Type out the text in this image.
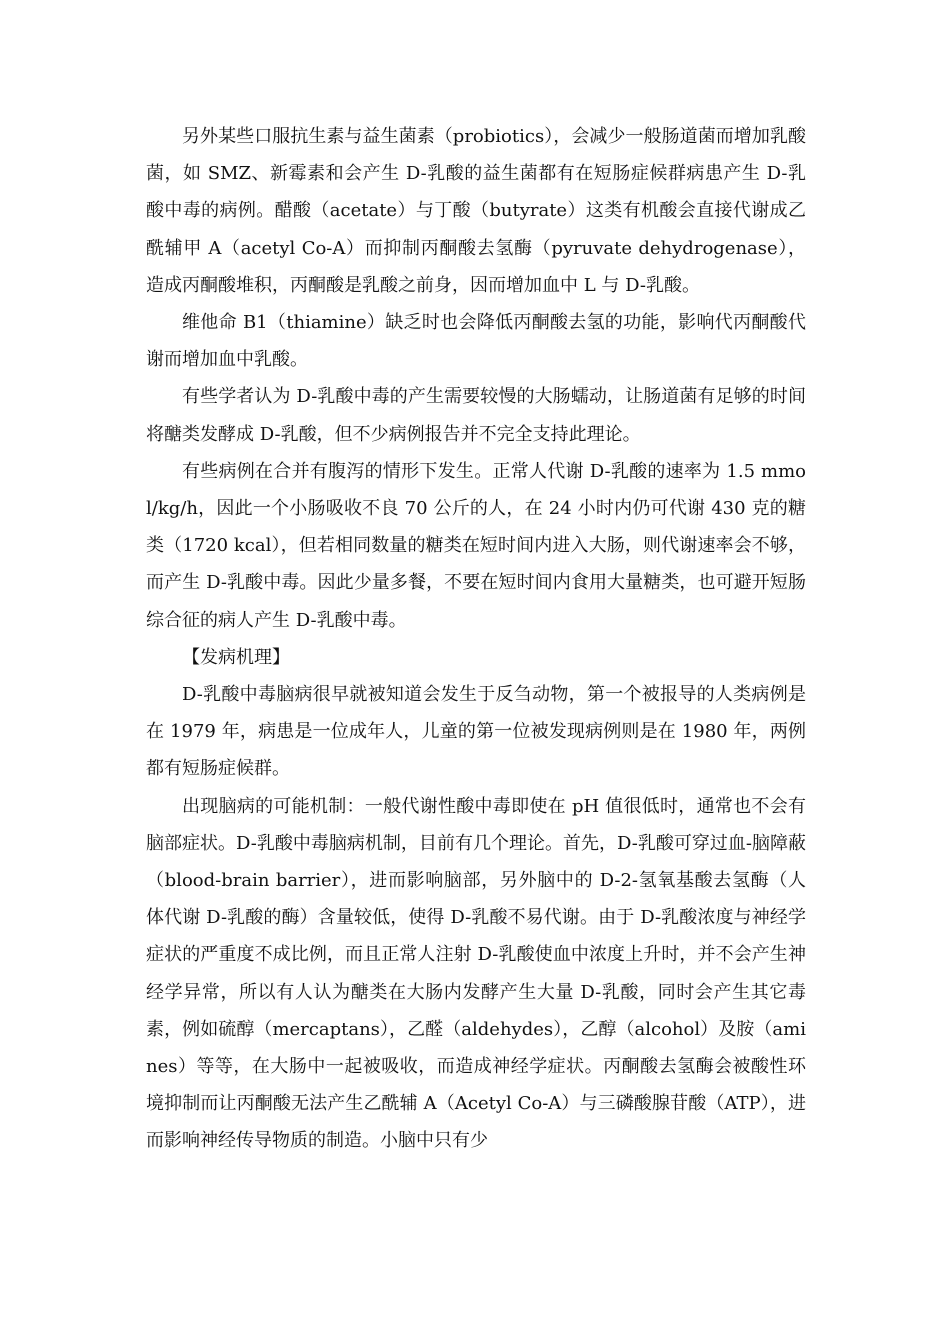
另外某些口服抗生素与益生菌素（probiotics），会减少一般肠道菌而增加乳酸菌，如 SMZ、新霉素和会产生 D-乳酸的益生菌都有在短肠症候群病患产生 D-乳酸中毒的病例。醋酸（acetate）与丁酸（butyrate）这类有机酸会直接代谢成乙酰辅甲 A（acetyl Co-A）而抑制丙酮酸去氢酶（pyruvate dehydrogenase），造成丙酮酸堆积，丙酮酸是乳酸之前身，因而增加血中 L 与 D-乳酸。

维他命 B1（thiamine）缺乏时也会降低丙酮酸去氢的功能，影响代丙酮酸代谢而增加血中乳酸。

有些学者认为 D-乳酸中毒的产生需要较慢的大肠蠕动，让肠道菌有足够的时间将醣类发酵成 D-乳酸，但不少病例报告并不完全支持此理论。

有些病例在合并有腹泻的情形下发生。正常人代谢 D-乳酸的速率为 1.5 mmol/kg/h，因此一个小肠吸收不良 70 公斤的人，在 24 小时内仍可代谢 430 克的糖类（1720 kcal），但若相同数量的糖类在短时间内进入大肠，则代谢速率会不够，而产生 D-乳酸中毒。因此少量多餐，不要在短时间内食用大量糖类，也可避开短肠综合征的病人产生 D-乳酸中毒。

【发病机理】

D-乳酸中毒脑病很早就被知道会发生于反刍动物，第一个被报导的人类病例是在 1979 年，病患是一位成年人，儿童的第一位被发现病例则是在 1980 年，两例都有短肠症候群。

出现脑病的可能机制：一般代谢性酸中毒即使在 pH 值很低时，通常也不会有脑部症状。D-乳酸中毒脑病机制，目前有几个理论。首先，D-乳酸可穿过血-脑障蔽（blood-brain barrier），进而影响脑部，另外脑中的 D-2-氢氧基酸去氢酶（人体代谢 D-乳酸的酶）含量较低，使得 D-乳酸不易代谢。由于 D-乳酸浓度与神经学症状的严重度不成比例，而且正常人注射 D-乳酸使血中浓度上升时，并不会产生神经学异常，所以有人认为醣类在大肠内发酵产生大量 D-乳酸，同时会产生其它毒素，例如硫醇（mercaptans），乙醛（aldehydes），乙醇（alcohol）及胺（amines）等等，在大肠中一起被吸收，而造成神经学症状。丙酮酸去氢酶会被酸性环境抑制而让丙酮酸无法产生乙酰辅 A（Acetyl Co-A）与三磷酸腺苷酸（ATP），进而影响神经传导物质的制造。小脑中只有少
